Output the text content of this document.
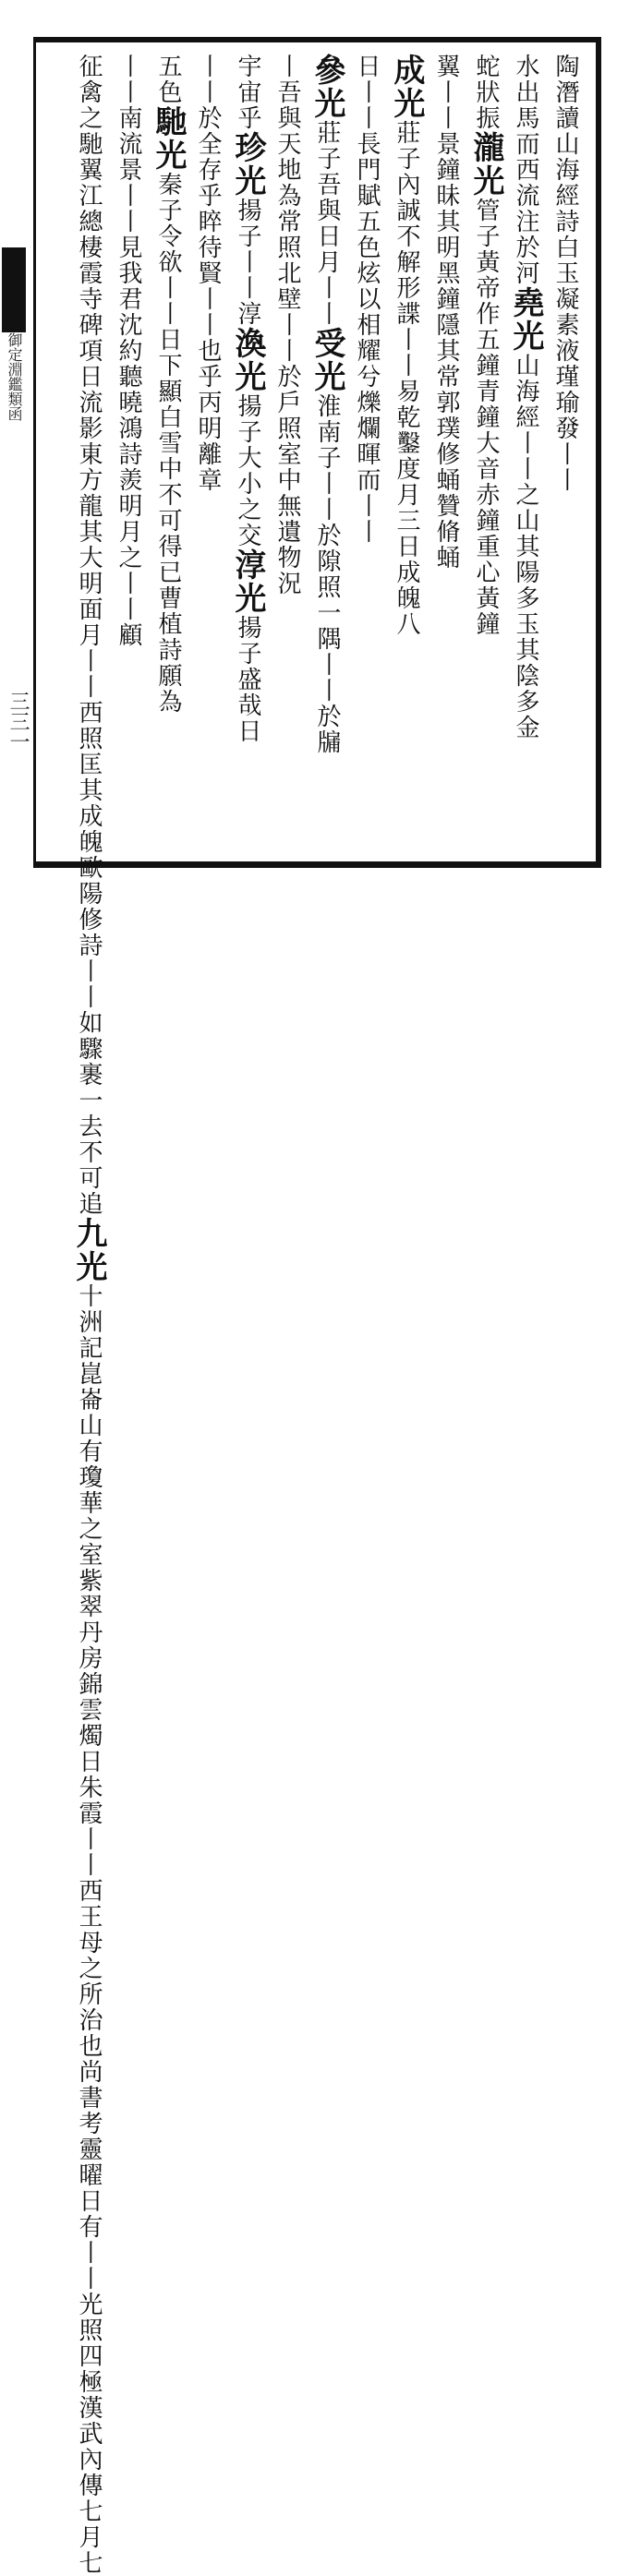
御定淵鑑類函
三三一
陶潛讀山海經詩白玉凝素液瑾瑜發丨丨
水出馬而西流注於河堯光山海經丨丨之山其陽多玉其陰多金
蛇狀振瀧光管子黃帝作五鐘青鐘大音赤鐘重心黃鐘
翼丨丨景鐘昧其明黑鐘隱其常郭璞修蛹贊脩蛹
成光莊子內誠不解形諜丨丨易乾鑿度月三日成魄八
日丨丨長門賦五色炫以相耀兮爍爛暉而丨丨
參光莊子吾與日月丨丨受光淮南子丨丨於隙照一隅丨丨於牖
丨吾與天地為常照北壁丨丨於戶照室中無遺物況
宇宙乎珍光揚子丨丨淳渙光揚子大小之交淳光揚子盛哉日
丨丨於全存乎睟待賢丨丨也乎丙明離章
五色馳光秦子令欲丨丨日下顯白雪中不可得已曹植詩願為
丨丨南流景丨丨見我君沈約聽曉鴻詩羨明月之丨丨顧
征禽之馳翼江總棲霞寺碑項日流影東方龍其大明面月丨丨西照匡其成魄歐陽修詩丨丨如驟裹一去不可追九光十洲記崑崙山有瓊華之室紫翠丹房錦雲燭日朱霞丨丨西王母之所治也尚書考靈曜日有丨丨光照四極漢武內傳七月七
